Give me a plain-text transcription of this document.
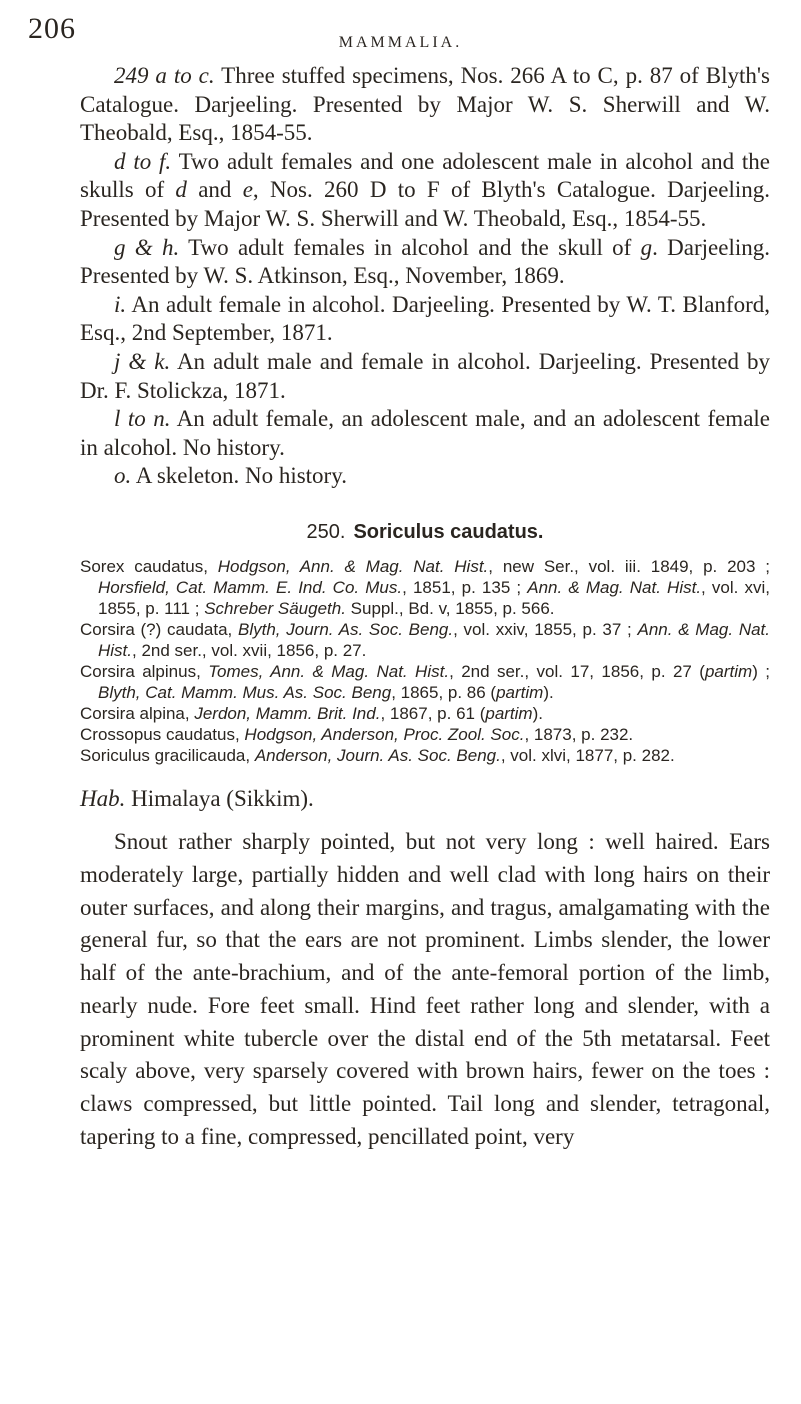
206	MAMMALIA.

249 a to c. Three stuffed specimens, Nos. 266 A to C, p. 87 of Blyth's Catalogue. Darjeeling. Presented by Major W. S. Sherwill and W. Theobald, Esq., 1854-55.

d to f. Two adult females and one adolescent male in alcohol and the skulls of d and e, Nos. 260 D to F of Blyth's Catalogue. Darjeeling. Presented by Major W. S. Sherwill and W. Theobald, Esq., 1854-55.

g & h. Two adult females in alcohol and the skull of g. Darjeeling. Presented by W. S. Atkinson, Esq., November, 1869.

i. An adult female in alcohol. Darjeeling. Presented by W. T. Blanford, Esq., 2nd September, 1871.

j & k. An adult male and female in alcohol. Darjeeling. Presented by Dr. F. Stolickza, 1871.

l to n. An adult female, an adolescent male, and an adolescent female in alcohol. No history.

o. A skeleton. No history.

250. Soriculus caudatus.

Sorex caudatus, Hodgson, Ann. & Mag. Nat. Hist., new Ser., vol. iii. 1849, p. 203 ; Horsfield, Cat. Mamm. E. Ind. Co. Mus., 1851, p. 135 ; Ann. & Mag. Nat. Hist., vol. xvi, 1855, p. 111 ; Schreber Säugeth. Suppl., Bd. v, 1855, p. 566.

Corsira (?) caudata, Blyth, Journ. As. Soc. Beng., vol. xxiv, 1855, p. 37 ; Ann. & Mag. Nat. Hist., 2nd ser., vol. xvii, 1856, p. 27.

Corsira alpinus, Tomes, Ann. & Mag. Nat. Hist., 2nd ser., vol. 17, 1856, p. 27 (partim) ; Blyth, Cat. Mamm. Mus. As. Soc. Beng, 1865, p. 86 (partim).

Corsira alpina, Jerdon, Mamm. Brit. Ind., 1867, p. 61 (partim).

Crossopus caudatus, Hodgson, Anderson, Proc. Zool. Soc., 1873, p. 232.

Soriculus gracilicauda, Anderson, Journ. As. Soc. Beng., vol. xlvi, 1877, p. 282.

Hab. Himalaya (Sikkim).

Snout rather sharply pointed, but not very long : well haired. Ears moderately large, partially hidden and well clad with long hairs on their outer surfaces, and along their margins, and tragus, amalgamating with the general fur, so that the ears are not prominent. Limbs slender, the lower half of the ante-brachium, and of the ante-femoral portion of the limb, nearly nude. Fore feet small. Hind feet rather long and slender, with a prominent white tubercle over the distal end of the 5th metatarsal. Feet scaly above, very sparsely covered with brown hairs, fewer on the toes : claws compressed, but little pointed. Tail long and slender, tetragonal, tapering to a fine, compressed, pencillated point, very
